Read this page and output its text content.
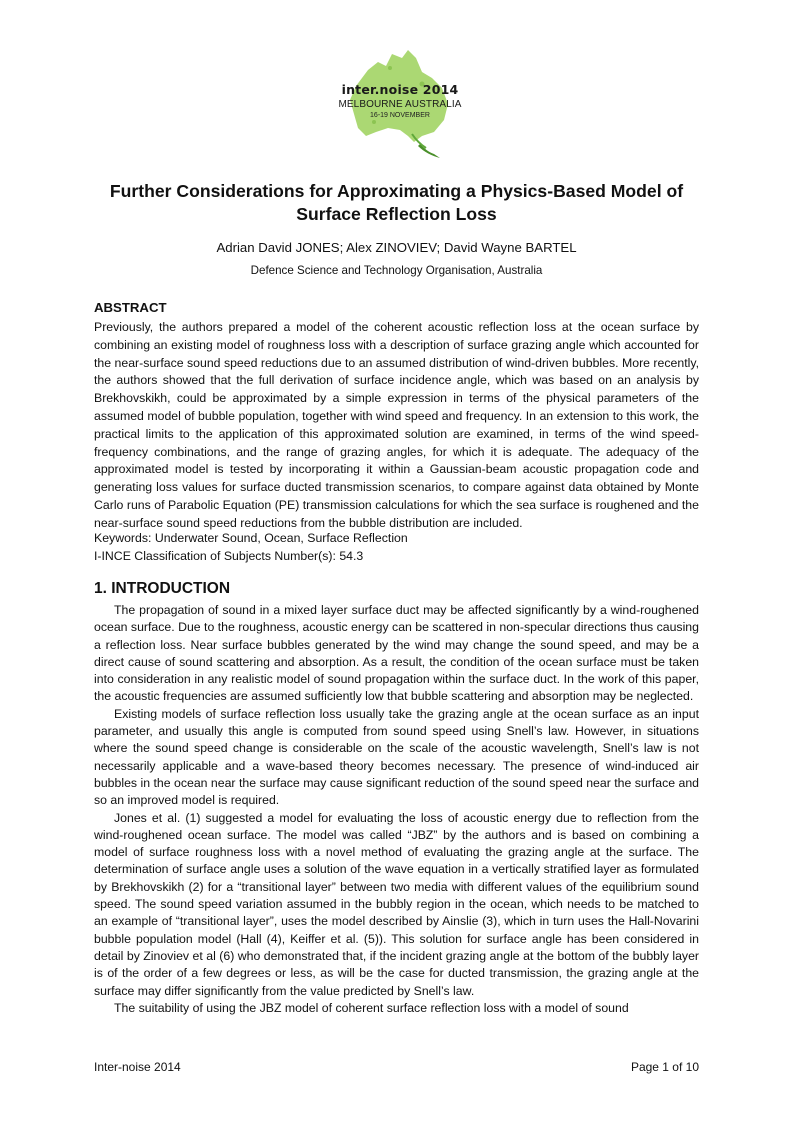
inter.noise 2014
MELBOURNE AUSTRALIA
16-19 NOVEMBER
Further Considerations for Approximating a Physics-Based Model of Surface Reflection Loss
Adrian David JONES; Alex ZINOVIEV; David Wayne BARTEL
Defence Science and Technology Organisation, Australia
ABSTRACT

Previously, the authors prepared a model of the coherent acoustic reflection loss at the ocean surface by combining an existing model of roughness loss with a description of surface grazing angle which accounted for the near-surface sound speed reductions due to an assumed distribution of wind-driven bubbles. More recently, the authors showed that the full derivation of surface incidence angle, which was based on an analysis by Brekhovskikh, could be approximated by a simple expression in terms of the physical parameters of the assumed model of bubble population, together with wind speed and frequency. In an extension to this work, the practical limits to the application of this approximated solution are examined, in terms of the wind speed-frequency combinations, and the range of grazing angles, for which it is adequate. The adequacy of the approximated model is tested by incorporating it within a Gaussian-beam acoustic propagation code and generating loss values for surface ducted transmission scenarios, to compare against data obtained by Monte Carlo runs of Parabolic Equation (PE) transmission calculations for which the sea surface is roughened and the near-surface sound speed reductions from the bubble distribution are included.

Keywords: Underwater Sound, Ocean, Surface Reflection
I-INCE Classification of Subjects Number(s): 54.3
1. INTRODUCTION

The propagation of sound in a mixed layer surface duct may be affected significantly by a wind-roughened ocean surface. Due to the roughness, acoustic energy can be scattered in non-specular directions thus causing a reflection loss. Near surface bubbles generated by the wind may change the sound speed, and may be a direct cause of sound scattering and absorption. As a result, the condition of the ocean surface must be taken into consideration in any realistic model of sound propagation within the surface duct. In the work of this paper, the acoustic frequencies are assumed sufficiently low that bubble scattering and absorption may be neglected.

Existing models of surface reflection loss usually take the grazing angle at the ocean surface as an input parameter, and usually this angle is computed from sound speed using Snell’s law. However, in situations where the sound speed change is considerable on the scale of the acoustic wavelength, Snell’s law is not necessarily applicable and a wave-based theory becomes necessary. The presence of wind-induced air bubbles in the ocean near the surface may cause significant reduction of the sound speed near the surface and so an improved model is required.

Jones et al. (1) suggested a model for evaluating the loss of acoustic energy due to reflection from the wind-roughened ocean surface. The model was called “JBZ” by the authors and is based on combining a model of surface roughness loss with a novel method of evaluating the grazing angle at the surface. The determination of surface angle uses a solution of the wave equation in a vertically stratified layer as formulated by Brekhovskikh (2) for a “transitional layer” between two media with different values of the equilibrium sound speed. The sound speed variation assumed in the bubbly region in the ocean, which needs to be matched to an example of “transitional layer”, uses the model described by Ainslie (3), which in turn uses the Hall-Novarini bubble population model (Hall (4), Keiffer et al. (5)). This solution for surface angle has been considered in detail by Zinoviev et al (6) who demonstrated that, if the incident grazing angle at the bottom of the bubbly layer is of the order of a few degrees or less, as will be the case for ducted transmission, the grazing angle at the surface may differ significantly from the value predicted by Snell’s law.

The suitability of using the JBZ model of coherent surface reflection loss with a model of sound

Inter-noise 2014	Page 1 of 10
